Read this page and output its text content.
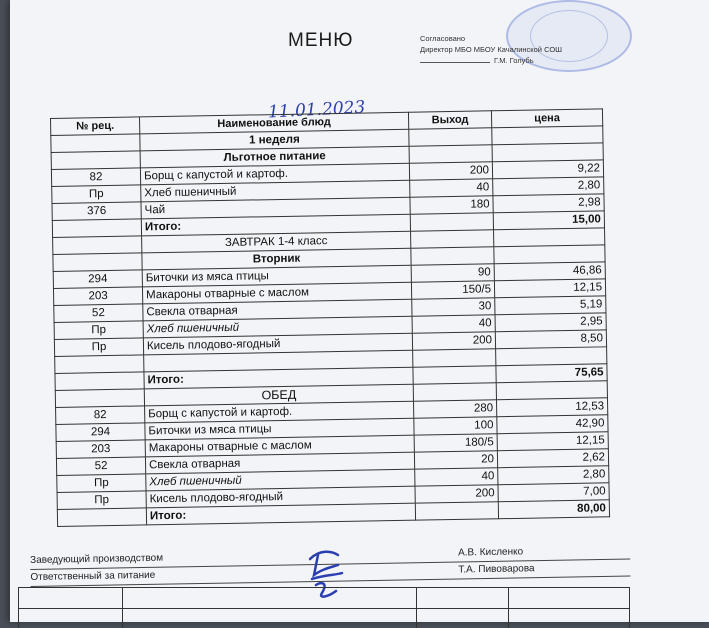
МЕНЮ	Согласовано
Директор МБО МБОУ Качалинской СОШ
Г.М. Голубь
11.01.2023
№ рец.	Наименование блюд	Выход	цена
	1 неделя		
	Льготное питание		
82	Борщ с капустой и картоф.	200	9,22
Пр	Хлеб пшеничный	40	2,80
376	Чай	180	2,98
	Итого:		15,00
	ЗАВТРАК 1-4 класс		
	Вторник		
294	Биточки из мяса птицы	90	46,86
203	Макароны отварные с маслом	150/5	12,15
52	Свекла отварная	30	5,19
Пр	Хлеб пшеничный	40	2,95
Пр	Кисель плодово-ягодный	200	8,50

	Итого:		75,65
	ОБЕД		
82	Борщ с капустой и картоф.	280	12,53
294	Биточки из мяса птицы	100	42,90
203	Макароны отварные с маслом	180/5	12,15
52	Свекла отварная	20	2,62
Пр	Хлеб пшеничный	40	2,80
Пр	Кисель плодово-ягодный	200	7,00
	Итого:		80,00
Заведующий производством
А.В. Кисленко
Ответственный за питание
Т.А. Пивоварова
